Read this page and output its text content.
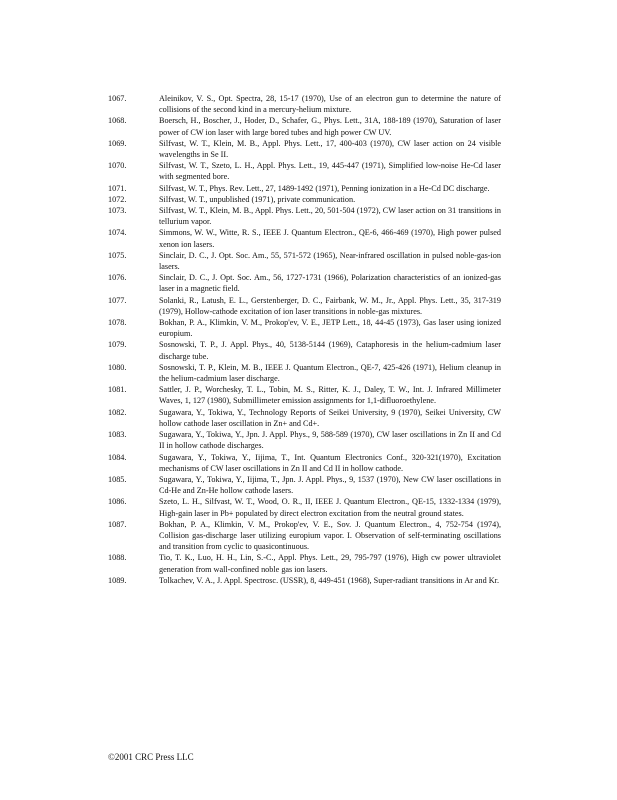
1067.	Aleinikov, V. S., Opt. Spectra, 28, 15-17 (1970), Use of an electron gun to determine the nature of collisions of the second kind in a mercury-helium mixture.
1068.	Boersch, H., Boscher, J., Hoder, D., Schafer, G., Phys. Lett., 31A, 188-189 (1970), Saturation of laser power of CW ion laser with large bored tubes and high power CW UV.
1069.	Silfvast, W. T., Klein, M. B., Appl. Phys. Lett., 17, 400-403 (1970), CW laser action on 24 visible wavelengths in Se II.
1070.	Silfvast, W. T., Szeto, L. H., Appl. Phys. Lett., 19, 445-447 (1971), Simplified low-noise He-Cd laser with segmented bore.
1071.	Silfvast, W. T., Phys. Rev. Lett., 27, 1489-1492 (1971), Penning ionization in a He-Cd DC discharge.
1072.	Silfvast, W. T., unpublished (1971), private communication.
1073.	Silfvast, W. T., Klein, M. B., Appl. Phys. Lett., 20, 501-504 (1972), CW laser action on 31 transitions in tellurium vapor.
1074.	Simmons, W. W., Witte, R. S., IEEE J. Quantum Electron., QE-6, 466-469 (1970), High power pulsed xenon ion lasers.
1075.	Sinclair, D. C., J. Opt. Soc. Am., 55, 571-572 (1965), Near-infrared oscillation in pulsed noble-gas-ion lasers.
1076.	Sinclair, D. C., J. Opt. Soc. Am., 56, 1727-1731 (1966), Polarization characteristics of an ionized-gas laser in a magnetic field.
1077.	Solanki, R., Latush, E. L., Gerstenberger, D. C., Fairbank, W. M., Jr., Appl. Phys. Lett., 35, 317-319 (1979), Hollow-cathode excitation of ion laser transitions in noble-gas mixtures.
1078.	Bokhan, P. A., Klimkin, V. M., Prokop'ev, V. E., JETP Lett., 18, 44-45 (1973), Gas laser using ionized europium.
1079.	Sosnowski, T. P., J. Appl. Phys., 40, 5138-5144 (1969), Cataphoresis in the helium-cadmium laser discharge tube.
1080.	Sosnowski, T. P., Klein, M. B., IEEE J. Quantum Electron., QE-7, 425-426 (1971), Helium cleanup in the helium-cadmium laser discharge.
1081.	Sattler, J. P., Worchesky, T. L., Tobin, M. S., Ritter, K. J., Daley, T. W., Int. J. Infrared Millimeter Waves, 1, 127 (1980), Submillimeter emission assignments for 1,1-difluoroethylene.
1082.	Sugawara, Y., Tokiwa, Y., Technology Reports of Seikei University, 9 (1970), Seikei University, CW hollow cathode laser oscillation in Zn+ and Cd+.
1083.	Sugawara, Y., Tokiwa, Y., Jpn. J. Appl. Phys., 9, 588-589 (1970), CW laser oscillations in Zn II and Cd II in hollow cathode discharges.
1084.	Sugawara, Y., Tokiwa, Y., Iijima, T., Int. Quantum Electronics Conf., 320-321(1970), Excitation mechanisms of CW laser oscillations in Zn II and Cd II in hollow cathode.
1085.	Sugawara, Y., Tokiwa, Y., Iijima, T., Jpn. J. Appl. Phys., 9, 1537 (1970), New CW laser oscillations in Cd-He and Zn-He hollow cathode lasers.
1086.	Szeto, L. H., Silfvast, W. T., Wood, O. R., II, IEEE J. Quantum Electron., QE-15, 1332-1334 (1979), High-gain laser in Pb+ populated by direct electron excitation from the neutral ground states.
1087.	Bokhan, P. A., Klimkin, V. M., Prokop'ev, V. E., Sov. J. Quantum Electron., 4, 752-754 (1974), Collision gas-discharge laser utilizing europium vapor. I. Observation of self-terminating oscillations and transition from cyclic to quasicontinuous.
1088.	Tio, T. K., Luo, H. H., Lin, S.-C., Appl. Phys. Lett., 29, 795-797 (1976), High cw power ultraviolet generation from wall-confined noble gas ion lasers.
1089.	Tolkachev, V. A., J. Appl. Spectrosc. (USSR), 8, 449-451 (1968), Super-radiant transitions in Ar and Kr.
©2001 CRC Press LLC
